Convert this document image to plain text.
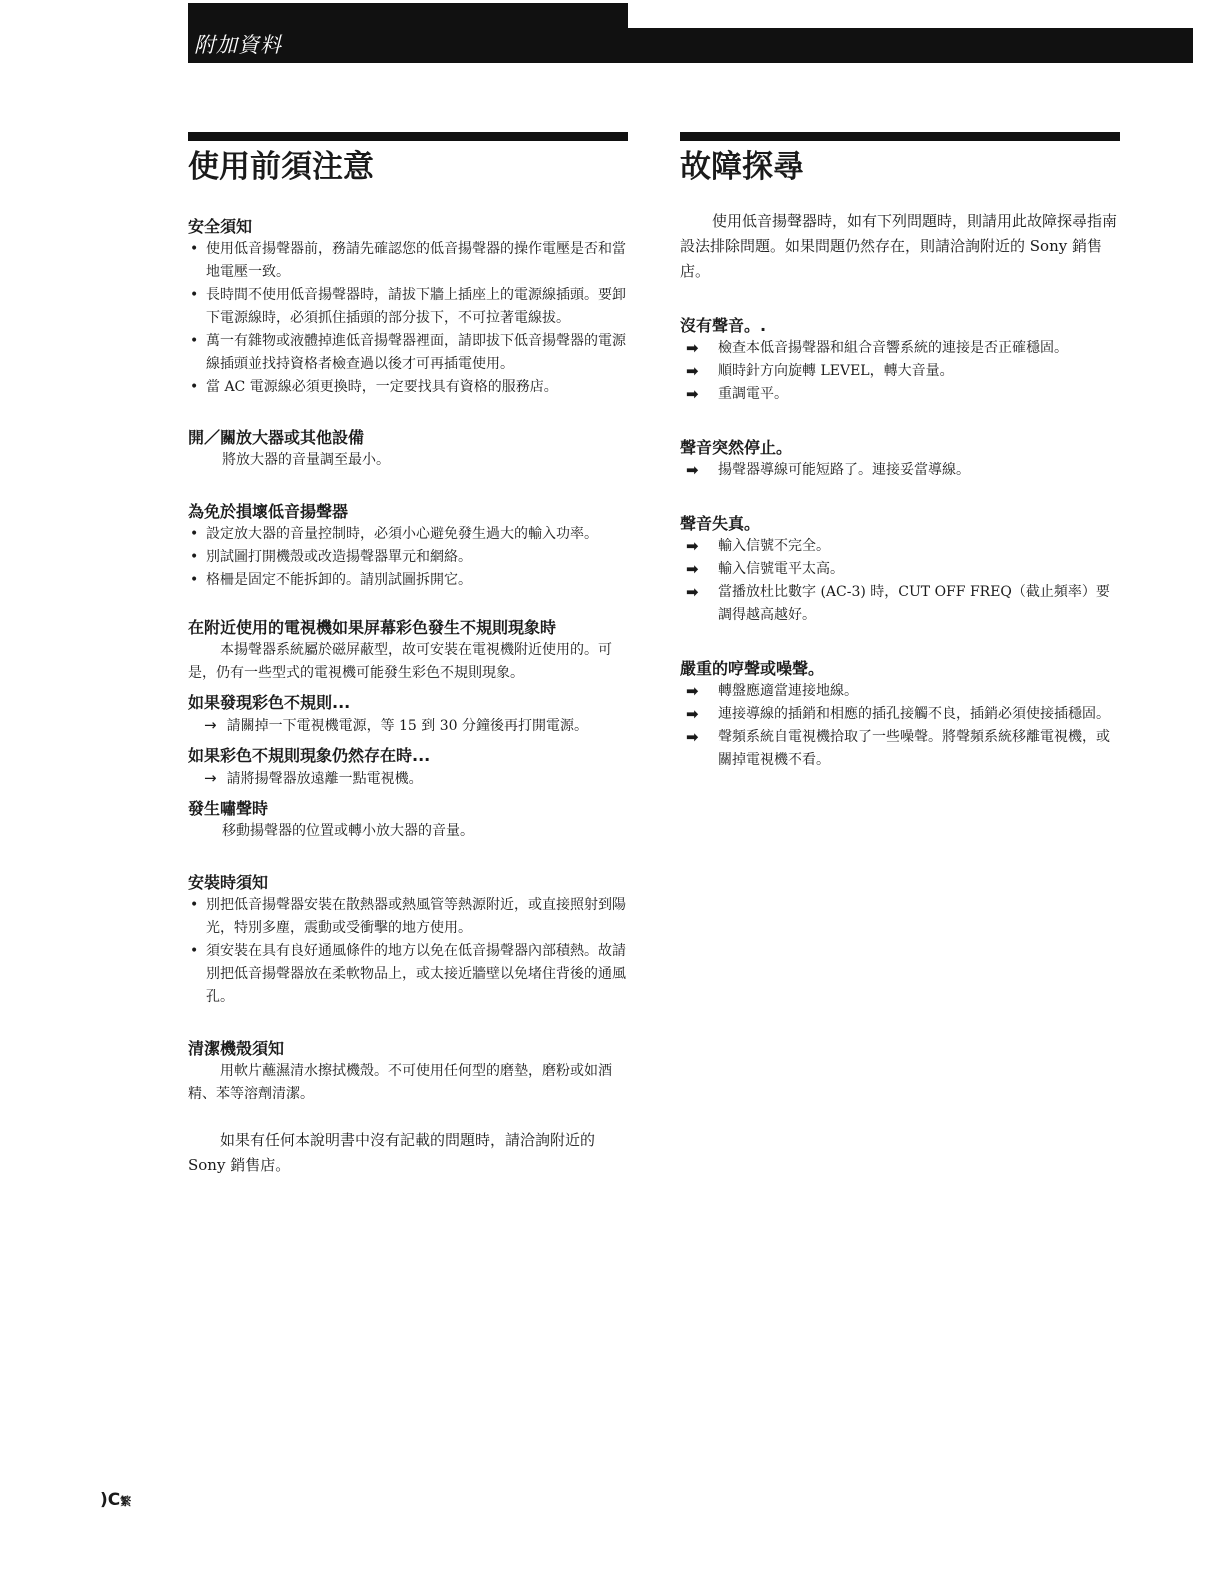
附加資料
使用前須注意
安全須知
• 使用低音揚聲器前，務請先確認您的低音揚聲器的操作電壓是否和當地電壓一致。
• 長時間不使用低音揚聲器時，請拔下牆上插座上的電源線插頭。要卸下電源線時，必須抓住插頭的部分拔下，不可拉著電線拔。
• 萬一有雜物或液體掉進低音揚聲器裡面，請即拔下低音揚聲器的電源線插頭並找持資格者檢查過以後才可再插電使用。
• 當 AC 電源線必須更換時，一定要找具有資格的服務店。
開／關放大器或其他設備

將放大器的音量調至最小。

為免於損壞低音揚聲器
• 設定放大器的音量控制時，必須小心避免發生過大的輸入功率。
• 別試圖打開機殼或改造揚聲器單元和網絡。
• 格柵是固定不能拆卸的。請別試圖拆開它。
在附近使用的電視機如果屏幕彩色發生不規則現象時

本揚聲器系統屬於磁屏蔽型，故可安裝在電視機附近使用的。可是，仍有一些型式的電視機可能發生彩色不規則現象。

如果發現彩色不規則...

→ 請關掉一下電視機電源，等 15 到 30 分鐘後再打開電源。

如果彩色不規則現象仍然存在時...

→ 請將揚聲器放遠離一點電視機。

發生嘯聲時

移動揚聲器的位置或轉小放大器的音量。

安裝時須知
• 別把低音揚聲器安裝在散熱器或熱風管等熱源附近，或直接照射到陽光，特別多塵，震動或受衝擊的地方使用。
• 須安裝在具有良好通風條件的地方以免在低音揚聲器內部積熱。故請別把低音揚聲器放在柔軟物品上，或太接近牆壁以免堵住背後的通風孔。
清潔機殼須知

用軟片蘸濕清水擦拭機殼。不可使用任何型的磨墊，磨粉或如酒精、苯等溶劑清潔。

如果有任何本說明書中沒有記載的問題時，請洽詢附近的 Sony 銷售店。

故障探尋

使用低音揚聲器時，如有下列問題時，則請用此故障探尋指南設法排除問題。如果問題仍然存在，則請洽詢附近的 Sony 銷售店。

沒有聲音。.
➡ 檢查本低音揚聲器和組合音響系統的連接是否正確穩固。
➡ 順時針方向旋轉 LEVEL，轉大音量。
➡ 重調電平。
聲音突然停止。
➡ 揚聲器導線可能短路了。連接妥當導線。
聲音失真。
➡ 輸入信號不完全。
➡ 輸入信號電平太高。
➡ 當播放杜比數字 (AC-3) 時，CUT OFF FREQ（截止頻率）要調得越高越好。
嚴重的哼聲或噪聲。
➡ 轉盤應適當連接地線。
➡ 連接導線的插銷和相應的插孔接觸不良，插銷必須使接插穩固。
➡ 聲頻系統自電視機拾取了一些噪聲。將聲頻系統移離電視機，或關掉電視機不看。
)C繁
